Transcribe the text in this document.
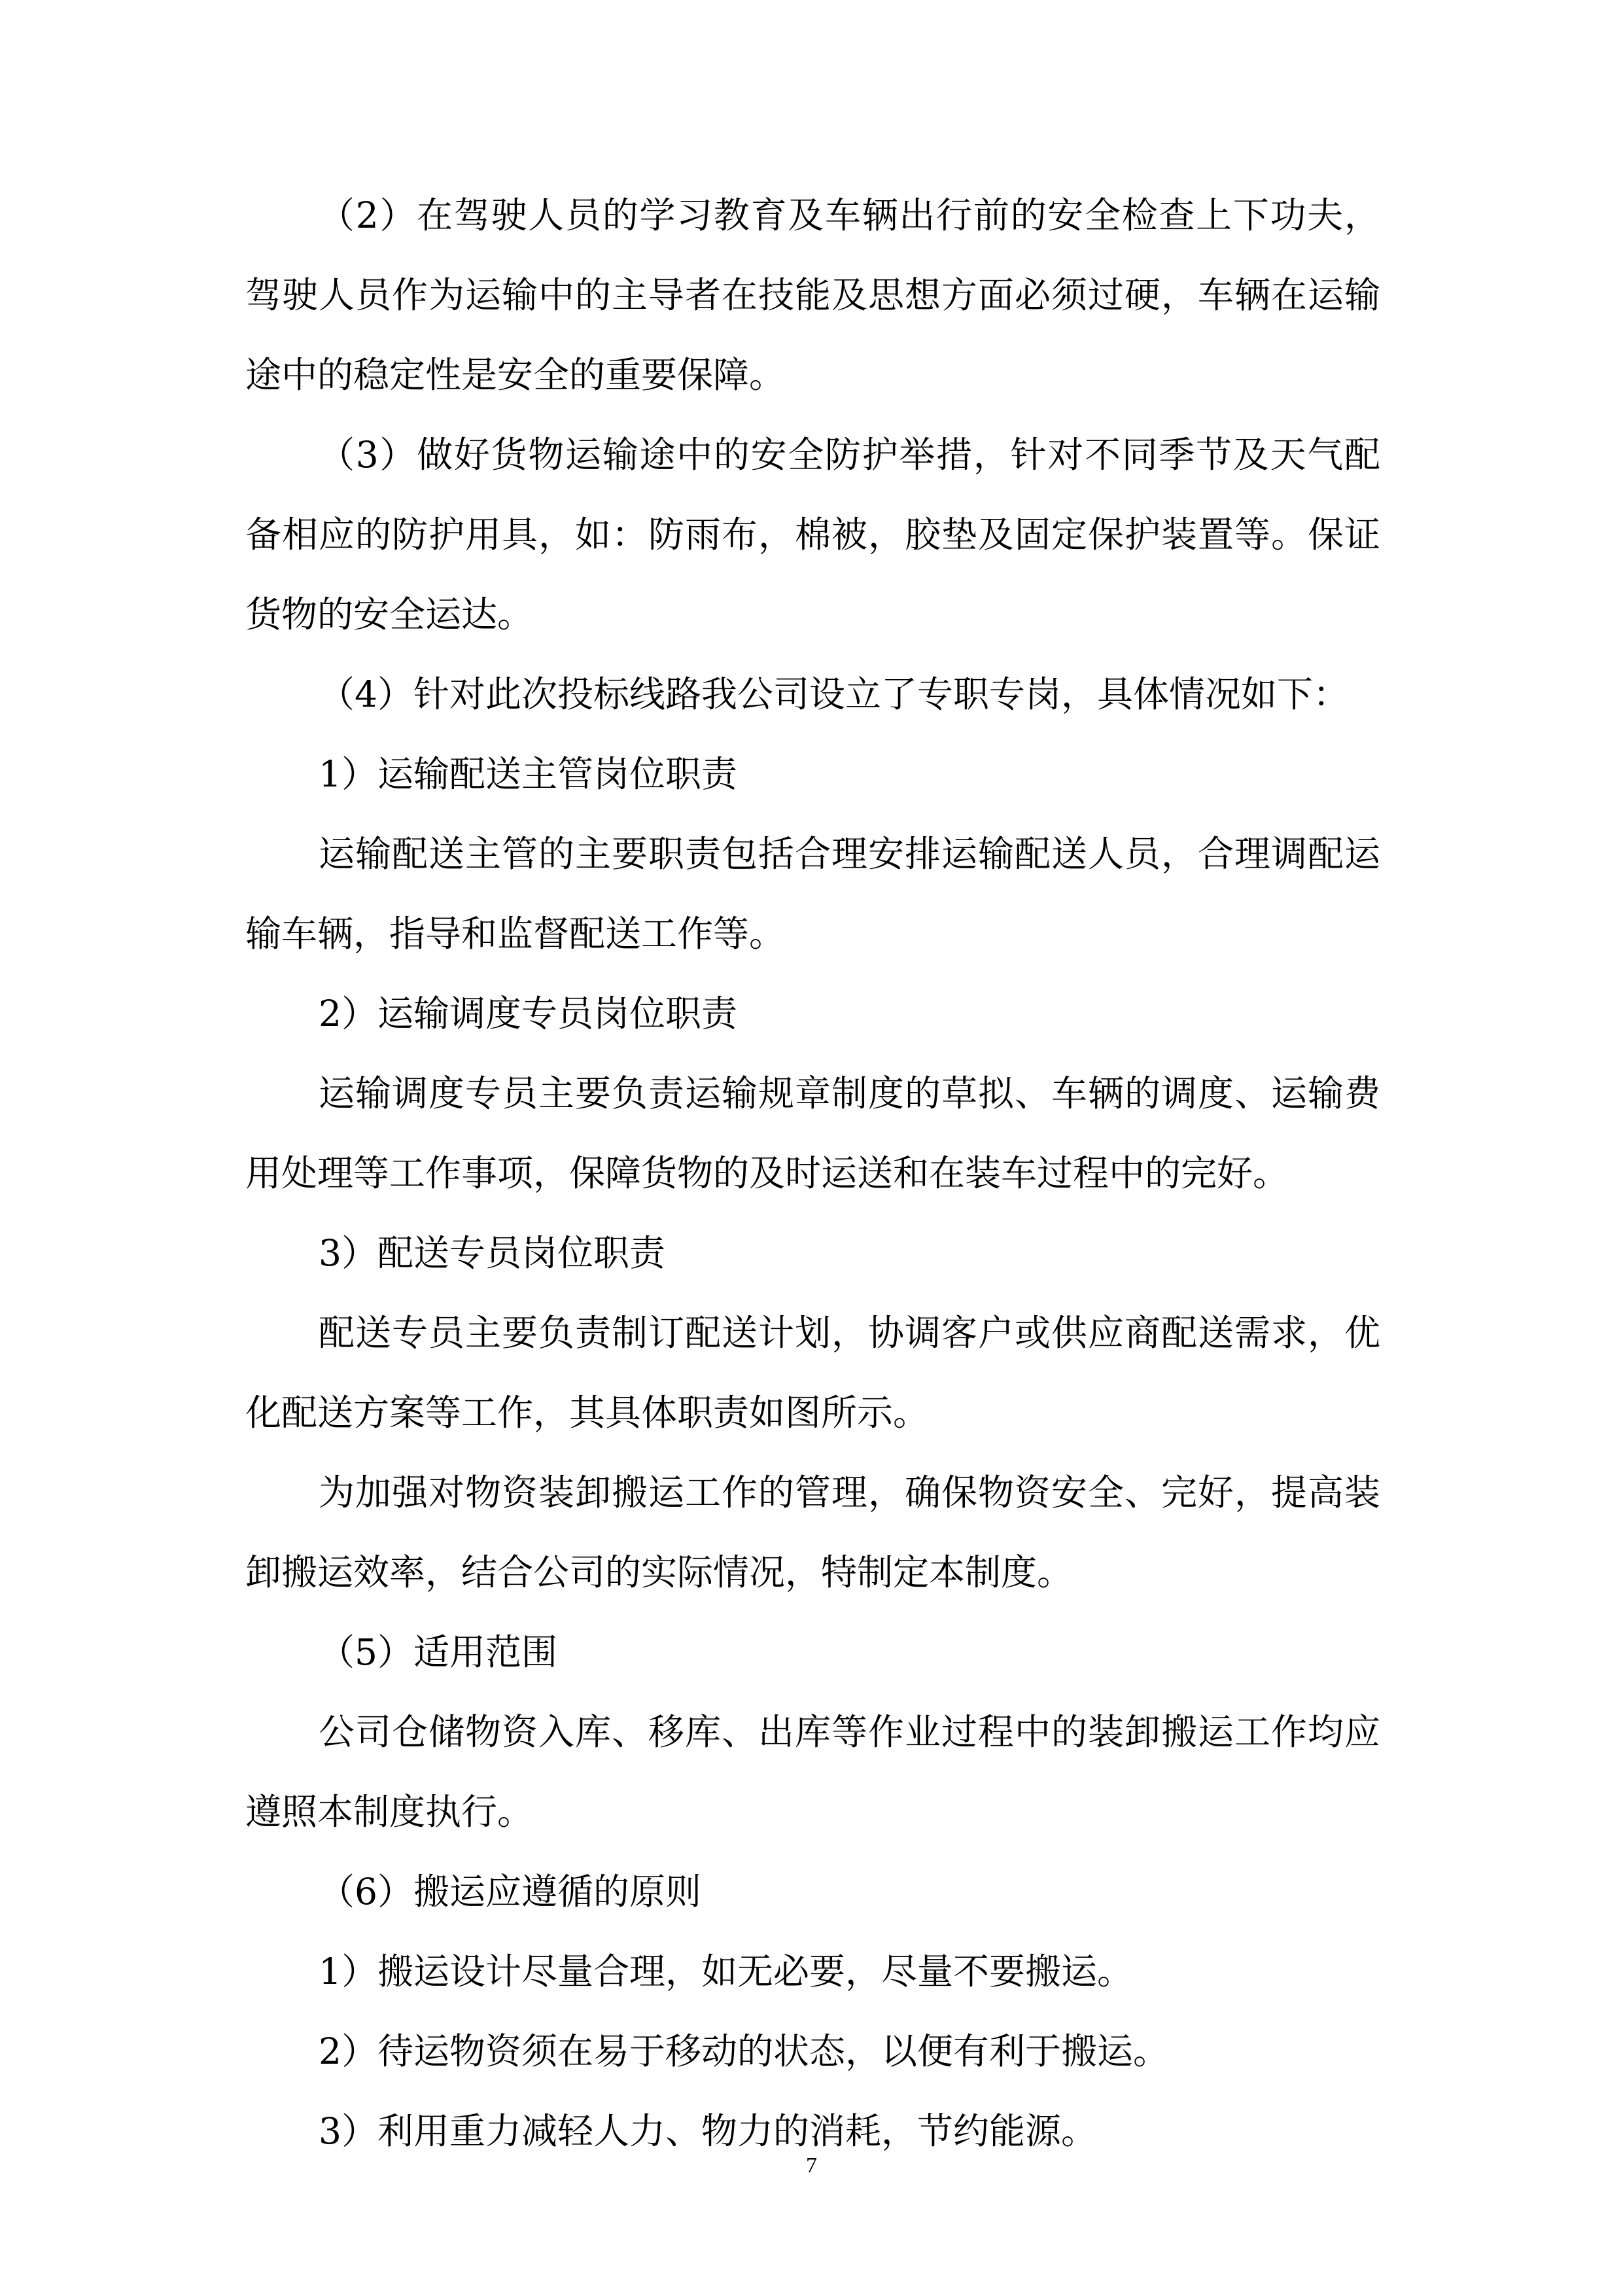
（2）在驾驶人员的学习教育及车辆出行前的安全检查上下功夫，驾驶人员作为运输中的主导者在技能及思想方面必须过硬，车辆在运输途中的稳定性是安全的重要保障。

（3）做好货物运输途中的安全防护举措，针对不同季节及天气配备相应的防护用具，如：防雨布，棉被，胶垫及固定保护装置等。保证货物的安全运达。

（4）针对此次投标线路我公司设立了专职专岗，具体情况如下：

1）运输配送主管岗位职责

运输配送主管的主要职责包括合理安排运输配送人员，合理调配运输车辆，指导和监督配送工作等。

2）运输调度专员岗位职责

运输调度专员主要负责运输规章制度的草拟、车辆的调度、运输费用处理等工作事项，保障货物的及时运送和在装车过程中的完好。

3）配送专员岗位职责

配送专员主要负责制订配送计划，协调客户或供应商配送需求，优化配送方案等工作，其具体职责如图所示。

为加强对物资装卸搬运工作的管理，确保物资安全、完好，提高装卸搬运效率，结合公司的实际情况，特制定本制度。

（5）适用范围

公司仓储物资入库、移库、出库等作业过程中的装卸搬运工作均应遵照本制度执行。

（6）搬运应遵循的原则

1）搬运设计尽量合理，如无必要，尽量不要搬运。

2）待运物资须在易于移动的状态，以便有利于搬运。

3）利用重力减轻人力、物力的消耗，节约能源。

7
